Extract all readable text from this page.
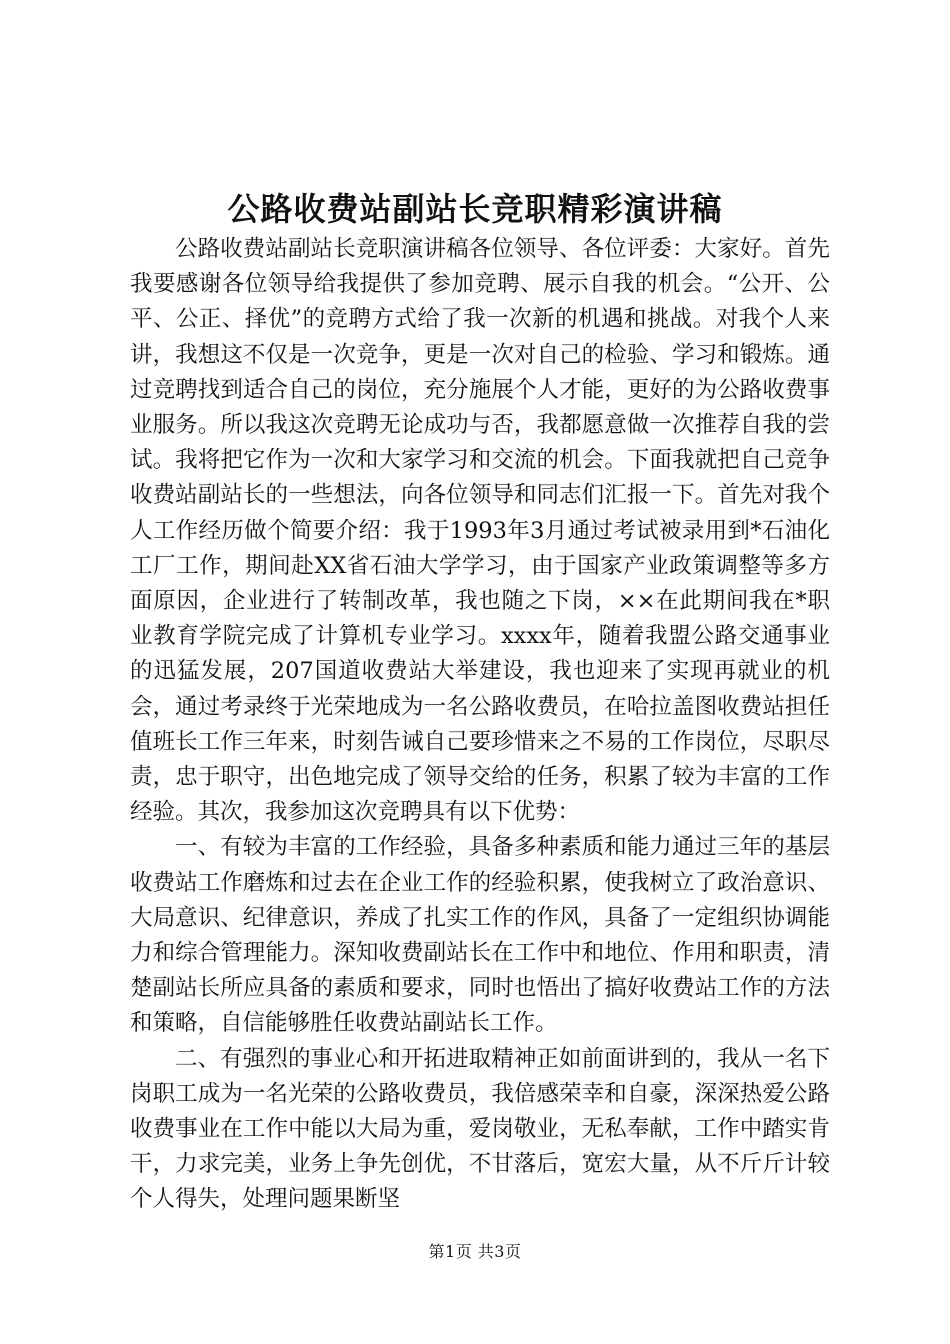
公路收费站副站长竞职精彩演讲稿

公路收费站副站长竞职演讲稿各位领导、各位评委：大家好。首先我要感谢各位领导给我提供了参加竞聘、展示自我的机会。“公开、公平、公正、择优”的竞聘方式给了我一次新的机遇和挑战。对我个人来讲，我想这不仅是一次竞争，更是一次对自己的检验、学习和锻炼。通过竞聘找到适合自己的岗位，充分施展个人才能，更好的为公路收费事业服务。所以我这次竞聘无论成功与否，我都愿意做一次推荐自我的尝试。我将把它作为一次和大家学习和交流的机会。下面我就把自己竞争收费站副站长的一些想法，向各位领导和同志们汇报一下。首先对我个人工作经历做个简要介绍：我于1993年3月通过考试被录用到*石油化工厂工作，期间赴XX省石油大学学习，由于国家产业政策调整等多方面原因，企业进行了转制改革，我也随之下岗，××在此期间我在*职业教育学院完成了计算机专业学习。xxxx年，随着我盟公路交通事业的迅猛发展，207国道收费站大举建设，我也迎来了实现再就业的机会，通过考录终于光荣地成为一名公路收费员，在哈拉盖图收费站担任值班长工作三年来，时刻告诫自己要珍惜来之不易的工作岗位，尽职尽责，忠于职守，出色地完成了领导交给的任务，积累了较为丰富的工作经验。其次，我参加这次竞聘具有以下优势：

一、有较为丰富的工作经验，具备多种素质和能力通过三年的基层收费站工作磨炼和过去在企业工作的经验积累，使我树立了政治意识、大局意识、纪律意识，养成了扎实工作的作风，具备了一定组织协调能力和综合管理能力。深知收费副站长在工作中和地位、作用和职责，清楚副站长所应具备的素质和要求，同时也悟出了搞好收费站工作的方法和策略，自信能够胜任收费站副站长工作。

二、有强烈的事业心和开拓进取精神正如前面讲到的，我从一名下岗职工成为一名光荣的公路收费员，我倍感荣幸和自豪，深深热爱公路收费事业在工作中能以大局为重，爱岗敬业，无私奉献，工作中踏实肯干，力求完美，业务上争先创优，不甘落后，宽宏大量，从不斤斤计较个人得失，处理问题果断坚

第1页 共3页
